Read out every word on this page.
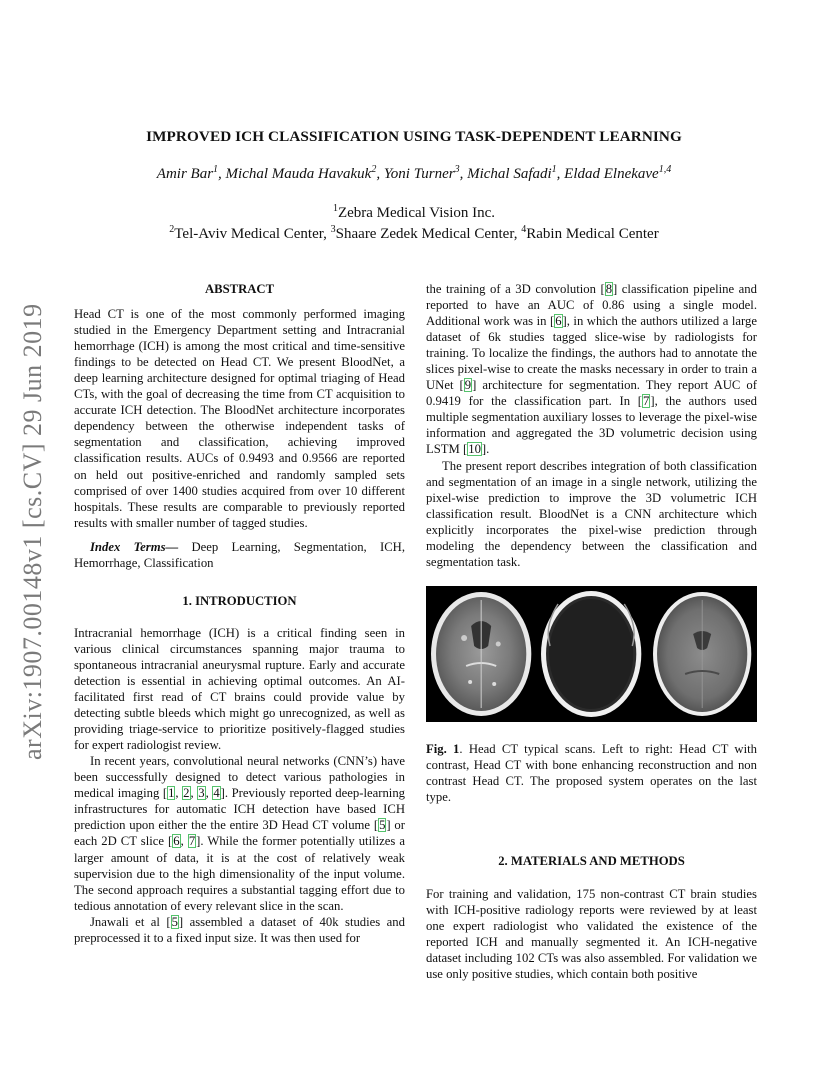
arXiv:1907.00148v1 [cs.CV] 29 Jun 2019
IMPROVED ICH CLASSIFICATION USING TASK-DEPENDENT LEARNING
Amir Bar$^1$, Michal Mauda Havakuk$^2$, Yoni Turner$^3$, Michal Safadi$^1$, Eldad Elnekave$^{1,4}$
$^1$Zebra Medical Vision Inc.
$^2$Tel-Aviv Medical Center, $^3$Shaare Zedek Medical Center, $^4$Rabin Medical Center
ABSTRACT

Head CT is one of the most commonly performed imaging studied in the Emergency Department setting and Intracranial hemorrhage (ICH) is among the most critical and time-sensitive findings to be detected on Head CT. We present BloodNet, a deep learning architecture designed for optimal triaging of Head CTs, with the goal of decreasing the time from CT acquisition to accurate ICH detection. The BloodNet architecture incorporates dependency between the otherwise independent tasks of segmentation and classification, achieving improved classification results. AUCs of 0.9493 and 0.9566 are reported on held out positive-enriched and randomly sampled sets comprised of over 1400 studies acquired from over 10 different hospitals. These results are comparable to previously reported results with smaller number of tagged studies.

Index Terms— Deep Learning, Segmentation, ICH, Hemorrhage, Classification

1. INTRODUCTION

Intracranial hemorrhage (ICH) is a critical finding seen in various clinical circumstances spanning major trauma to spontaneous intracranial aneurysmal rupture. Early and accurate detection is essential in achieving optimal outcomes. An AI-facilitated first read of CT brains could provide value by detecting subtle bleeds which might go unrecognized, as well as providing triage-service to prioritize positively-flagged studies for expert radiologist review.

In recent years, convolutional neural networks (CNN’s) have been successfully designed to detect various pathologies in medical imaging [1, 2, 3, 4]. Previously reported deep-learning infrastructures for automatic ICH detection have based ICH prediction upon either the the entire 3D Head CT volume [5] or each 2D CT slice [6, 7]. While the former potentially utilizes a larger amount of data, it is at the cost of relatively weak supervision due to the high dimensionality of the input volume. The second approach requires a substantial tagging effort due to tedious annotation of every relevant slice in the scan.

Jnawali et al [5] assembled a dataset of 40k studies and preprocessed it to a fixed input size. It was then used for

the training of a 3D convolution [8] classification pipeline and reported to have an AUC of 0.86 using a single model. Additional work was in [6], in which the authors utilized a large dataset of 6k studies tagged slice-wise by radiologists for training. To localize the findings, the authors had to annotate the slices pixel-wise to create the masks necessary in order to train a UNet [9] architecture for segmentation. They report AUC of 0.9419 for the classification part. In [7], the authors used multiple segmentation auxiliary losses to leverage the pixel-wise information and aggregated the 3D volumetric decision using LSTM [10].

The present report describes integration of both classification and segmentation of an image in a single network, utilizing the pixel-wise prediction to improve the 3D volumetric ICH classification result. BloodNet is a CNN architecture which explicitly incorporates the pixel-wise prediction through modeling the dependency between the classification and segmentation task.

Fig. 1. Head CT typical scans. Left to right: Head CT with contrast, Head CT with bone enhancing reconstruction and non contrast Head CT. The proposed system operates on the last type.
2. MATERIALS AND METHODS

For training and validation, 175 non-contrast CT brain studies with ICH-positive radiology reports were reviewed by at least one expert radiologist who validated the existence of the reported ICH and manually segmented it. An ICH-negative dataset including 102 CTs was also assembled. For validation we use only positive studies, which contain both positive
